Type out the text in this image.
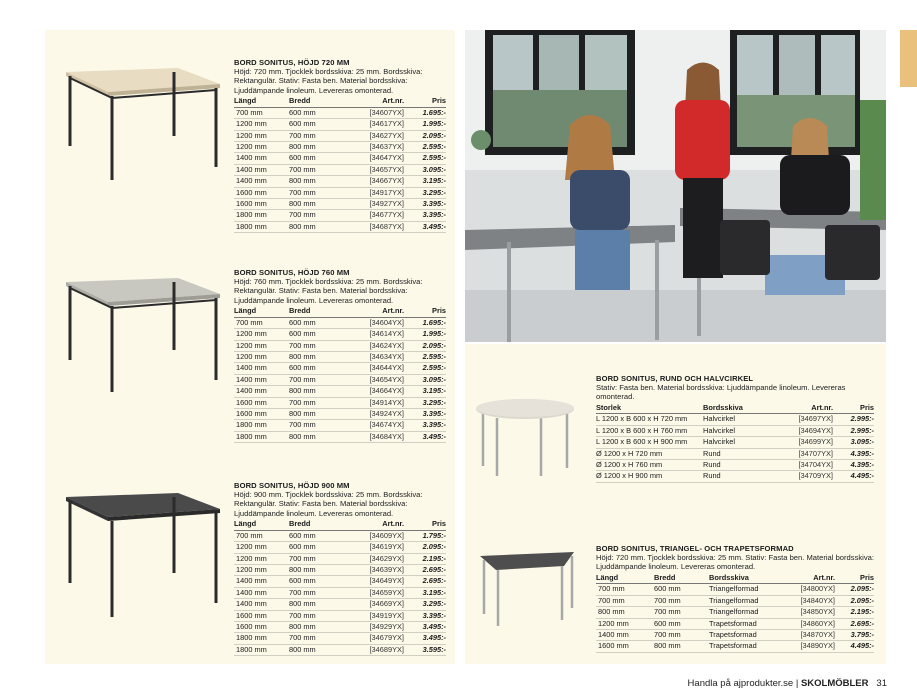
BORD SONITUS, HÖJD 720 MM

Höjd: 720 mm. Tjocklek bordsskiva: 25 mm. Bordsskiva: Rektangulär. Stativ: Fasta ben. Material bordsskiva: Ljuddämpande linoleum. Levereras omonterad.

Längd	Bredd	Art.nr.	Pris
700 mm	600 mm	[34607YX]	1.695:-
1200 mm	600 mm	[34617YX]	1.995:-
1200 mm	700 mm	[34627YX]	2.095:-
1200 mm	800 mm	[34637YX]	2.595:-
1400 mm	600 mm	[34647YX]	2.595:-
1400 mm	700 mm	[34657YX]	3.095:-
1400 mm	800 mm	[34667YX]	3.195:-
1600 mm	700 mm	[34917YX]	3.295:-
1600 mm	800 mm	[34927YX]	3.395:-
1800 mm	700 mm	[34677YX]	3.395:-
1800 mm	800 mm	[34687YX]	3.495:-
BORD SONITUS, HÖJD 760 MM

Höjd: 760 mm. Tjocklek bordsskiva: 25 mm. Bordsskiva: Rektangulär. Stativ: Fasta ben. Material bordsskiva: Ljuddämpande linoleum. Levereras omonterad.

Längd	Bredd	Art.nr.	Pris
700 mm	600 mm	[34604YX]	1.695:-
1200 mm	600 mm	[34614YX]	1.995:-
1200 mm	700 mm	[34624YX]	2.095:-
1200 mm	800 mm	[34634YX]	2.595:-
1400 mm	600 mm	[34644YX]	2.595:-
1400 mm	700 mm	[34654YX]	3.095:-
1400 mm	800 mm	[34664YX]	3.195:-
1600 mm	700 mm	[34914YX]	3.295:-
1600 mm	800 mm	[34924YX]	3.395:-
1800 mm	700 mm	[34674YX]	3.395:-
1800 mm	800 mm	[34684YX]	3.495:-
BORD SONITUS, HÖJD 900 MM

Höjd: 900 mm. Tjocklek bordsskiva: 25 mm. Bordsskiva: Rektangulär. Stativ: Fasta ben. Material bordsskiva: Ljuddämpande linoleum. Levereras omonterad.

Längd	Bredd	Art.nr.	Pris
700 mm	600 mm	[34609YX]	1.795:-
1200 mm	600 mm	[34619YX]	2.095:-
1200 mm	700 mm	[34629YX]	2.195:-
1200 mm	800 mm	[34639YX]	2.695:-
1400 mm	600 mm	[34649YX]	2.695:-
1400 mm	700 mm	[34659YX]	3.195:-
1400 mm	800 mm	[34669YX]	3.295:-
1600 mm	700 mm	[34919YX]	3.395:-
1600 mm	800 mm	[34929YX]	3.495:-
1800 mm	700 mm	[34679YX]	3.495:-
1800 mm	800 mm	[34689YX]	3.595:-
BORD SONITUS, RUND OCH HALVCIRKEL

Stativ: Fasta ben. Material bordsskiva: Ljuddämpande linoleum. Levereras omonterad.

Storlek	Bordsskiva	Art.nr.	Pris
L 1200 x B 600 x H 720 mm	Halvcirkel	[34697YX]	2.995:-
L 1200 x B 600 x H 760 mm	Halvcirkel	[34694YX]	2.995:-
L 1200 x B 600 x H 900 mm	Halvcirkel	[34699YX]	3.095:-
Ø 1200 x H 720 mm	Rund	[34707YX]	4.395:-
Ø 1200 x H 760 mm	Rund	[34704YX]	4.395:-
Ø 1200 x H 900 mm	Rund	[34709YX]	4.495:-
BORD SONITUS, TRIANGEL- OCH TRAPETSFORMAD

Höjd: 720 mm. Tjocklek bordsskiva: 25 mm. Stativ: Fasta ben. Material bordsskiva: Ljuddämpande linoleum. Levereras omonterad.

Längd	Bredd	Bordsskiva	Art.nr.	Pris
700 mm	600 mm	Triangelformad	[34800YX]	2.095:-
700 mm	700 mm	Triangelformad	[34840YX]	2.095:-
800 mm	700 mm	Triangelformad	[34850YX]	2.195:-
1200 mm	600 mm	Trapetsformad	[34860YX]	2.695:-
1400 mm	700 mm	Trapetsformad	[34870YX]	3.795:-
1600 mm	800 mm	Trapetsformad	[34890YX]	4.495:-
Handla på ajprodukter.se | SKOLMÖBLER 31
